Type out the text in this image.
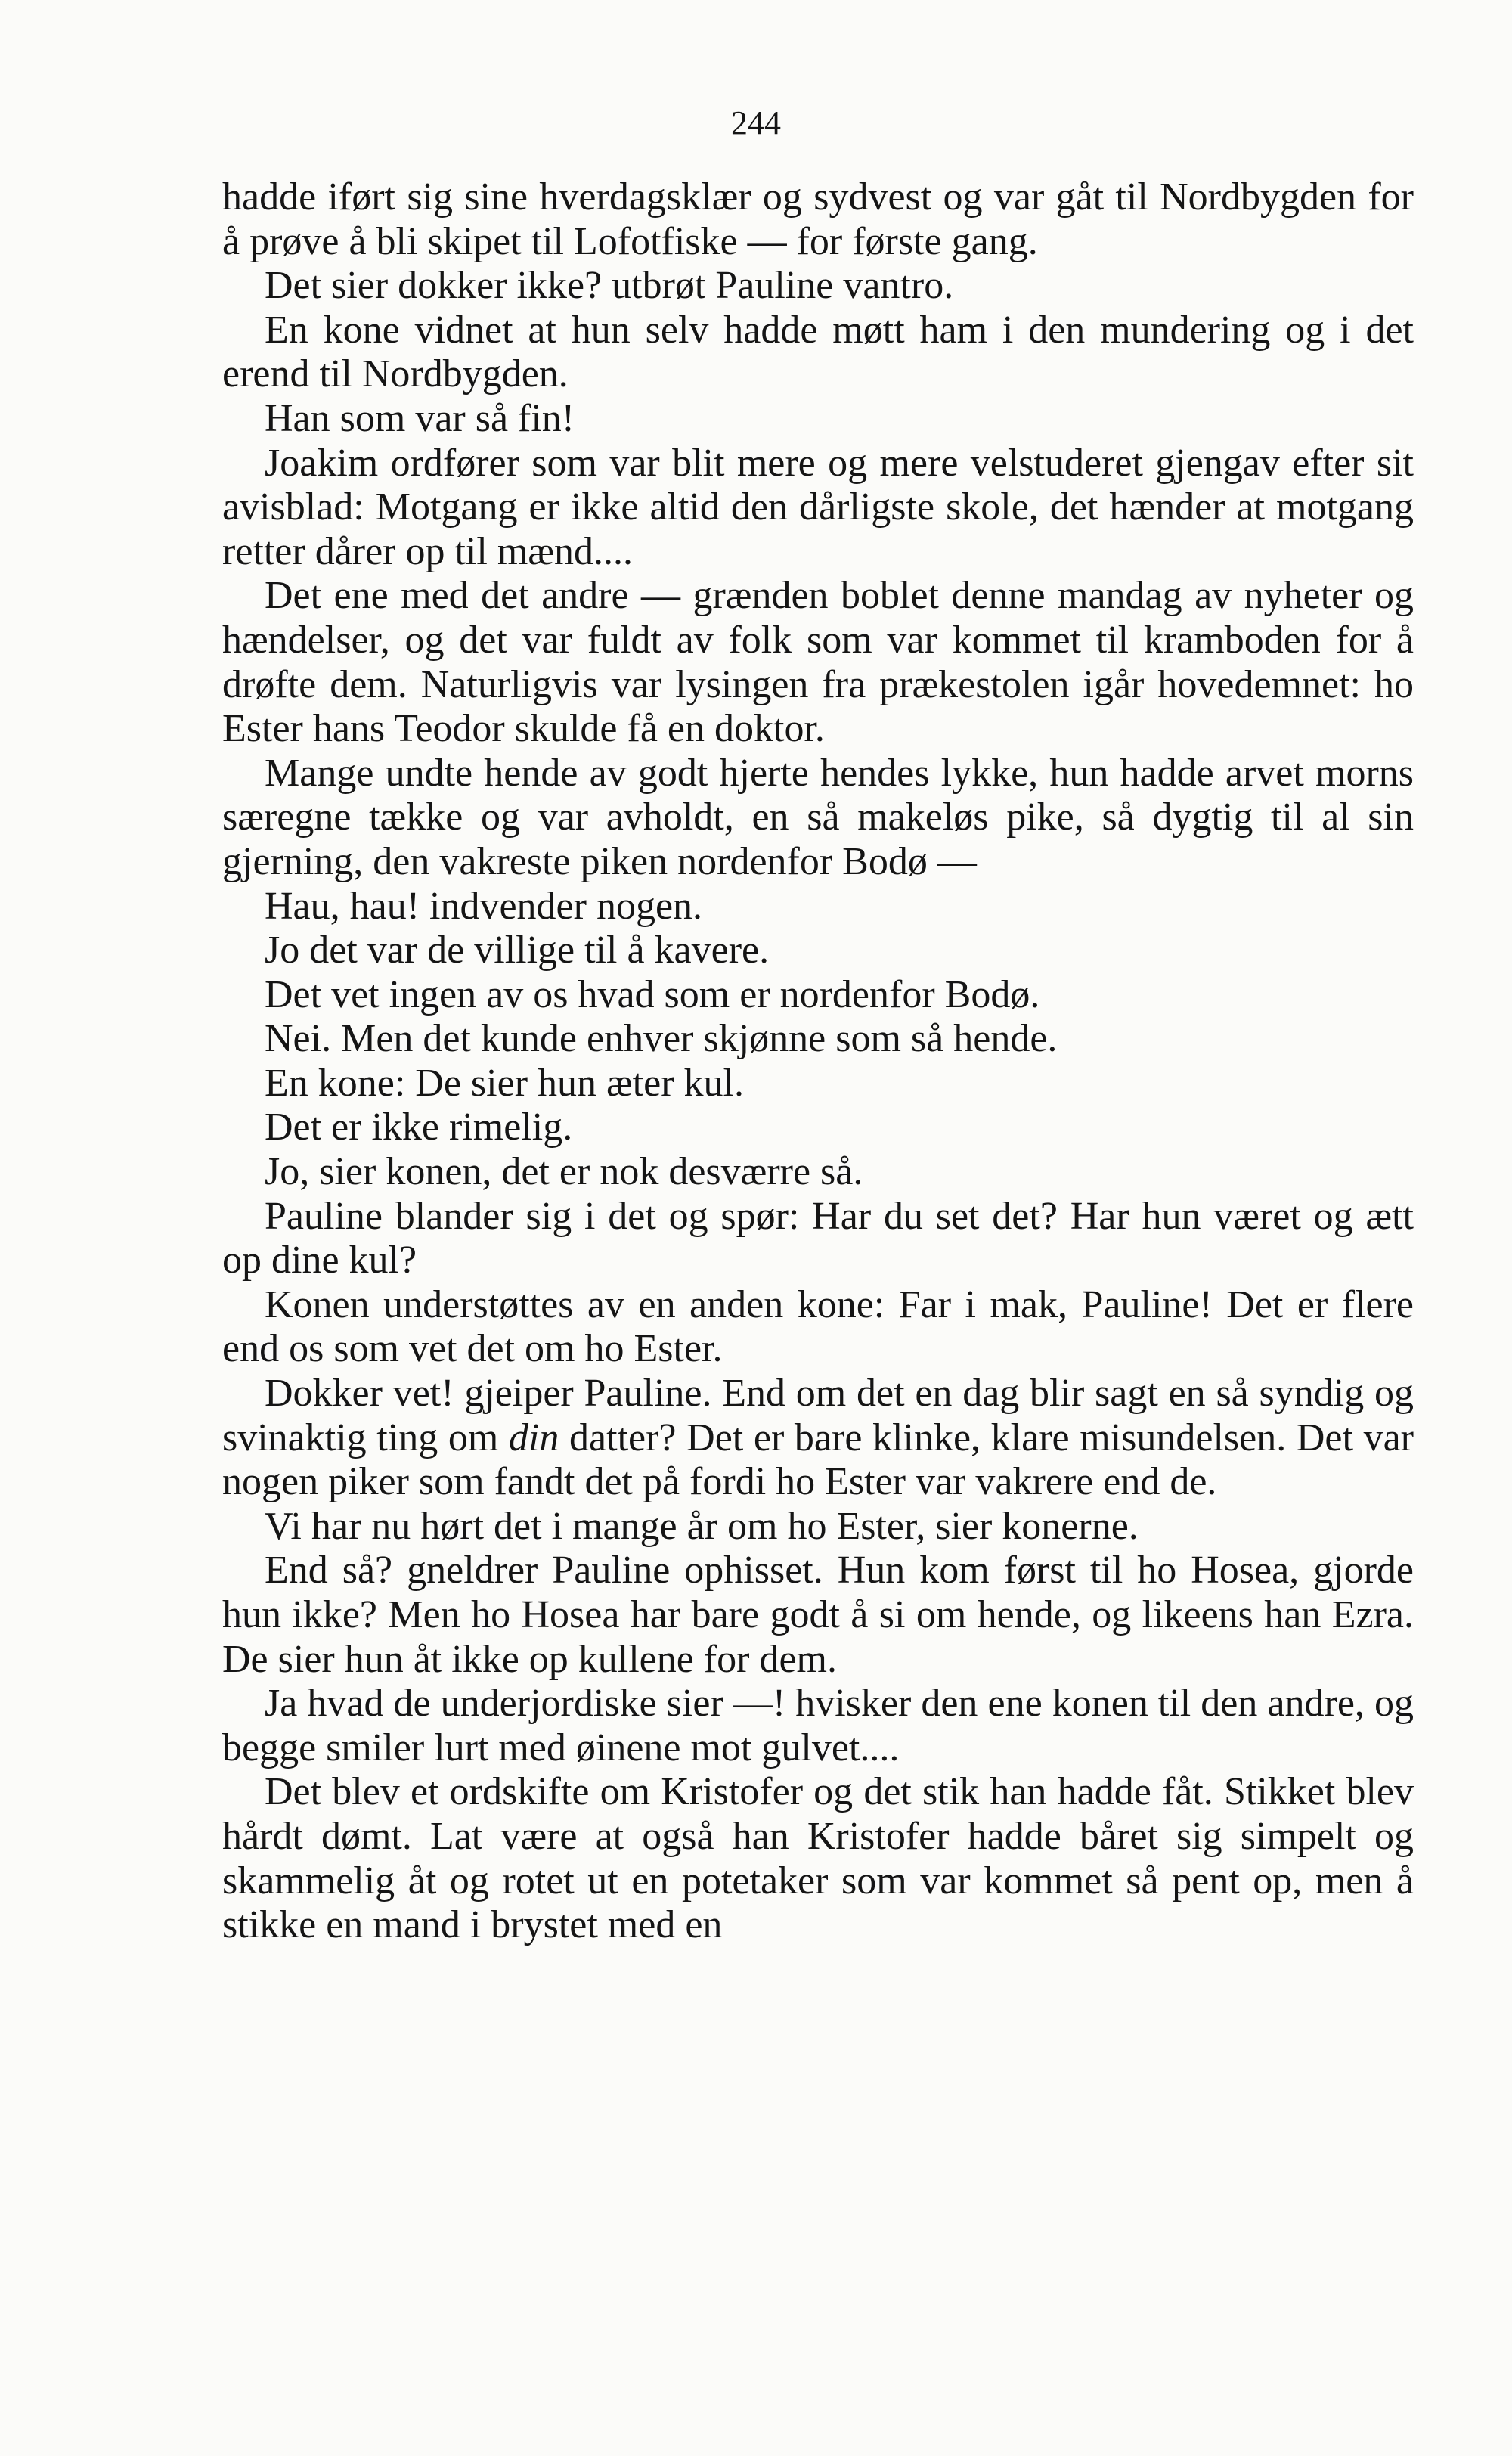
244

hadde iført sig sine hverdagsklær og sydvest og var gåt til Nordbygden for å prøve å bli skipet til Lofotfiske — for første gang.

Det sier dokker ikke? utbrøt Pauline vantro.

En kone vidnet at hun selv hadde møtt ham i den mundering og i det erend til Nordbygden.

Han som var så fin!

Joakim ordfører som var blit mere og mere velstuderet gjengav efter sit avisblad: Motgang er ikke altid den dårligste skole, det hænder at motgang retter dårer op til mænd....

Det ene med det andre — grænden boblet denne mandag av nyheter og hændelser, og det var fuldt av folk som var kommet til kramboden for å drøfte dem. Naturligvis var lysingen fra prækestolen igår hovedemnet: ho Ester hans Teodor skulde få en doktor.

Mange undte hende av godt hjerte hendes lykke, hun hadde arvet morns særegne tække og var avholdt, en så makeløs pike, så dygtig til al sin gjerning, den vakreste piken nordenfor Bodø —

Hau, hau! indvender nogen.

Jo det var de villige til å kavere.

Det vet ingen av os hvad som er nordenfor Bodø.

Nei. Men det kunde enhver skjønne som så hende.

En kone: De sier hun æter kul.

Det er ikke rimelig.

Jo, sier konen, det er nok desværre så.

Pauline blander sig i det og spør: Har du set det? Har hun været og ætt op dine kul?

Konen understøttes av en anden kone: Far i mak, Pauline! Det er flere end os som vet det om ho Ester.

Dokker vet! gjeiper Pauline. End om det en dag blir sagt en så syndig og svinaktig ting om din datter? Det er bare klinke, klare misundelsen. Det var nogen piker som fandt det på fordi ho Ester var vakrere end de.

Vi har nu hørt det i mange år om ho Ester, sier konerne.

End så? gneldrer Pauline ophisset. Hun kom først til ho Hosea, gjorde hun ikke? Men ho Hosea har bare godt å si om hende, og likeens han Ezra. De sier hun åt ikke op kullene for dem.

Ja hvad de underjordiske sier —! hvisker den ene konen til den andre, og begge smiler lurt med øinene mot gulvet....

Det blev et ordskifte om Kristofer og det stik han hadde fåt. Stikket blev hårdt dømt. Lat være at også han Kristofer hadde båret sig simpelt og skammelig åt og rotet ut en potetaker som var kommet så pent op, men å stikke en mand i brystet med en
